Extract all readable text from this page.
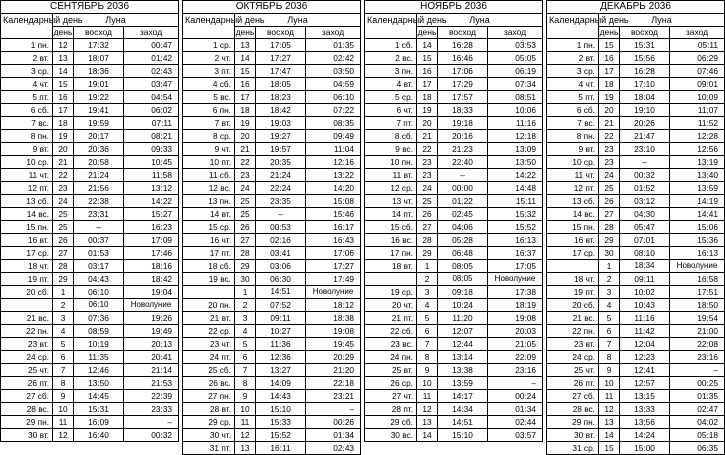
СЕНТЯБРЬ 2036			
Календарный день	Луна		
	день	восход	заход
1 пн.	12	17:32	00:47
2 вт.	13	18:07	01:42
3 ср.	14	18:36	02:43
4 чт.	15	19:01	03:47
5 пт.	16	19:22	04:54
6 сб.	17	19:41	06:02
7 вс.	18	19:59	07:11
8 пн.	19	20:17	08:21
9 вт.	20	20:36	09:33
10 ср.	21	20:58	10:45
11 чт.	22	21:24	11:58
12 пт.	23	21:56	13:12
13 сб.	24	22:38	14:22
14 вс.	25	23:31	15:27
15 пн.	25	–	16:23
16 вт.	26	00:37	17:09
17 ср.	27	01:53	17:46
18 чт.	28	03:17	18:16
19 пт.	29	04:43	18:42
20 сб.	1	06:10	19:04
	2	06:10	Новолуние
21 вс.	3	07:36	19:26
22 пн.	4	08:59	19:49
23 вт.	5	10:19	20:13
24 ср.	6	11:35	20:41
25 чт.	7	12:46	21:14
26 пт.	8	13:50	21:53
27 сб.	9	14:45	22:39
28 вс.	10	15:31	23:33
29 пн.	11	16:09	–
30 вт.	12	16:40	00:32
ОКТЯБРЬ 2036			
Календарный день	Луна		
	день	восход	заход
1 ср.	13	17:05	01:35
2 чт.	14	17:27	02:42
3 пт.	15	17:47	03:50
4 сб.	16	18:05	04:59
5 вс.	17	18:23	06:10
6 пн.	18	18:42	07:22
7 вт.	19	19:03	08:35
8 ср.	20	19:27	09:49
9 чт.	21	19:57	11:04
10 пт.	22	20:35	12:16
11 сб.	23	21:24	13:22
12 вс.	24	22:24	14:20
13 пн.	25	23:35	15:08
14 вт.	25	–	15:46
15 ср.	26	00:53	16:17
16 чт.	27	02:16	16:43
17 пт.	28	03:41	17:06
18 сб.	29	03:06	17:27
19 вс.	30	06:30	17:49
	1	14:51	Новолуние
20 пн.	2	07:52	18:12
21 вт.	3	09:11	18:38
22 ср.	4	10:27	19:08
23 чт.	5	11:36	19:45
24 пт.	6	12:36	20:29
25 сб.	7	13:27	21:20
26 вс.	8	14:09	22:18
27 пн.	9	14:43	23:21
28 вт.	10	15:10	–
29 ср.	11	15:33	00:26
30 чт.	12	15:52	01:34
31 пт.	13	16:11	02:43
НОЯБРЬ 2036			
Календарный день	Луна		
	день	восход	заход
1 сб.	14	16:28	03:53
2 вс.	15	16:46	05:05
3 пн.	16	17:06	06:19
4 вт.	17	17:29	07:34
5 ср.	18	17:57	08:51
6 чт.	19	18:33	10:06
7 пт.	20	19:18	11:16
8 сб.	21	20:16	12:18
9 вс.	22	21:23	13:09
10 пн.	23	22:40	13:50
11 вт.	23	–	14:22
12 ср.	24	00:00	14:48
13 чт.	25	01:22	15:11
14 пт.	26	02:45	15:32
15 сб.	27	04:06	15:52
16 вс.	28	05:28	16:13
17 пн.	29	06:48	16:37
18 вт.	1	08:05	17:05
	2	08:05	Новолуние
19 ср.	3	09:18	17:38
20 чт.	4	10:24	18:19
21 пт.	5	11:20	19:08
22 сб.	6	12:07	20:03
23 вс.	7	12:44	21:05
24 пн.	8	13:14	22:09
25 вт.	9	13:38	23:16
26 ср.	10	13:59	–
27 чт.	11	14:17	00:24
28 пт.	12	14:34	01:34
29 сб.	13	14:51	02:44
30 вс.	14	15:10	03:57
ДЕКАБРЬ 2036			
Календарный день	Луна		
	день	восход	заход
1 пн.	15	15:31	05:11
2 вт.	16	15:56	06:29
3 ср.	17	16:28	07:46
4 чт.	18	17:10	09:01
5 пт.	19	18:04	10:09
6 сб.	20	19:10	11:07
7 вс.	21	20:26	11:52
8 пн.	22	21:47	12:28
9 вт.	23	23:10	12:56
10 ср.	23	–	13:19
11 чт.	24	00:32	13:40
12 пт.	25	01:52	13:59
13 сб.	26	03:12	14:19
14 вс.	27	04:30	14:41
15 пн.	28	05:47	15:06
16 вт.	29	07:01	15:36
17 ср.	30	08:10	16:13
	1	18:34	Новолуние
18 чт.	2	09:11	16:58
19 пт.	3	10:02	17:51
20 сб.	4	10:43	18:50
21 вс.	5	11:16	19:54
22 пн.	6	11:42	21:00
23 вт.	7	12:04	22:08
24 ср.	8	12:23	23:16
25 чт.	9	12:41	–
26 пт.	10	12:57	00:25
27 сб.	11	13:15	01:35
28 вс.	12	13:33	02:47
29 пн.	13	13:56	04:02
30 вт.	14	14:24	05:18
31 ср.	15	15:00	06:35
